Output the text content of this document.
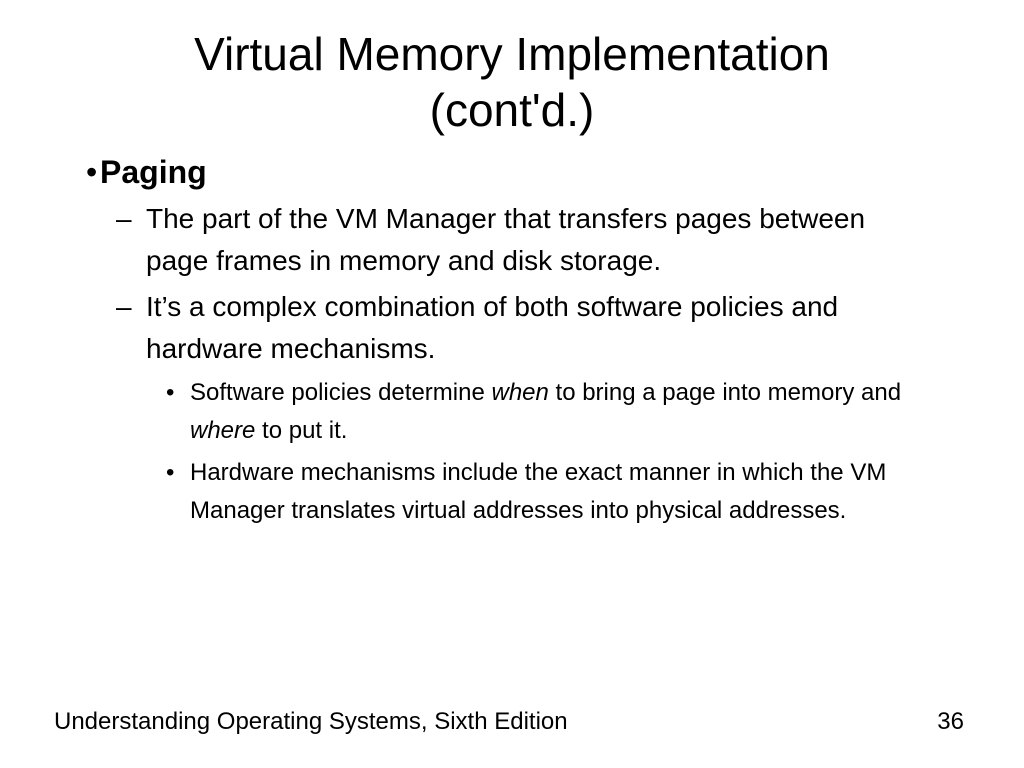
Virtual Memory Implementation
(cont'd.)
• Paging
– The part of the VM Manager that transfers pages between page frames in memory and disk storage.
– It’s a complex combination of both software policies and hardware mechanisms.
• Software policies determine when to bring a page into memory and where to put it.
• Hardware mechanisms include the exact manner in which the VM Manager translates virtual addresses into physical addresses.
Understanding Operating Systems, Sixth Edition	36
